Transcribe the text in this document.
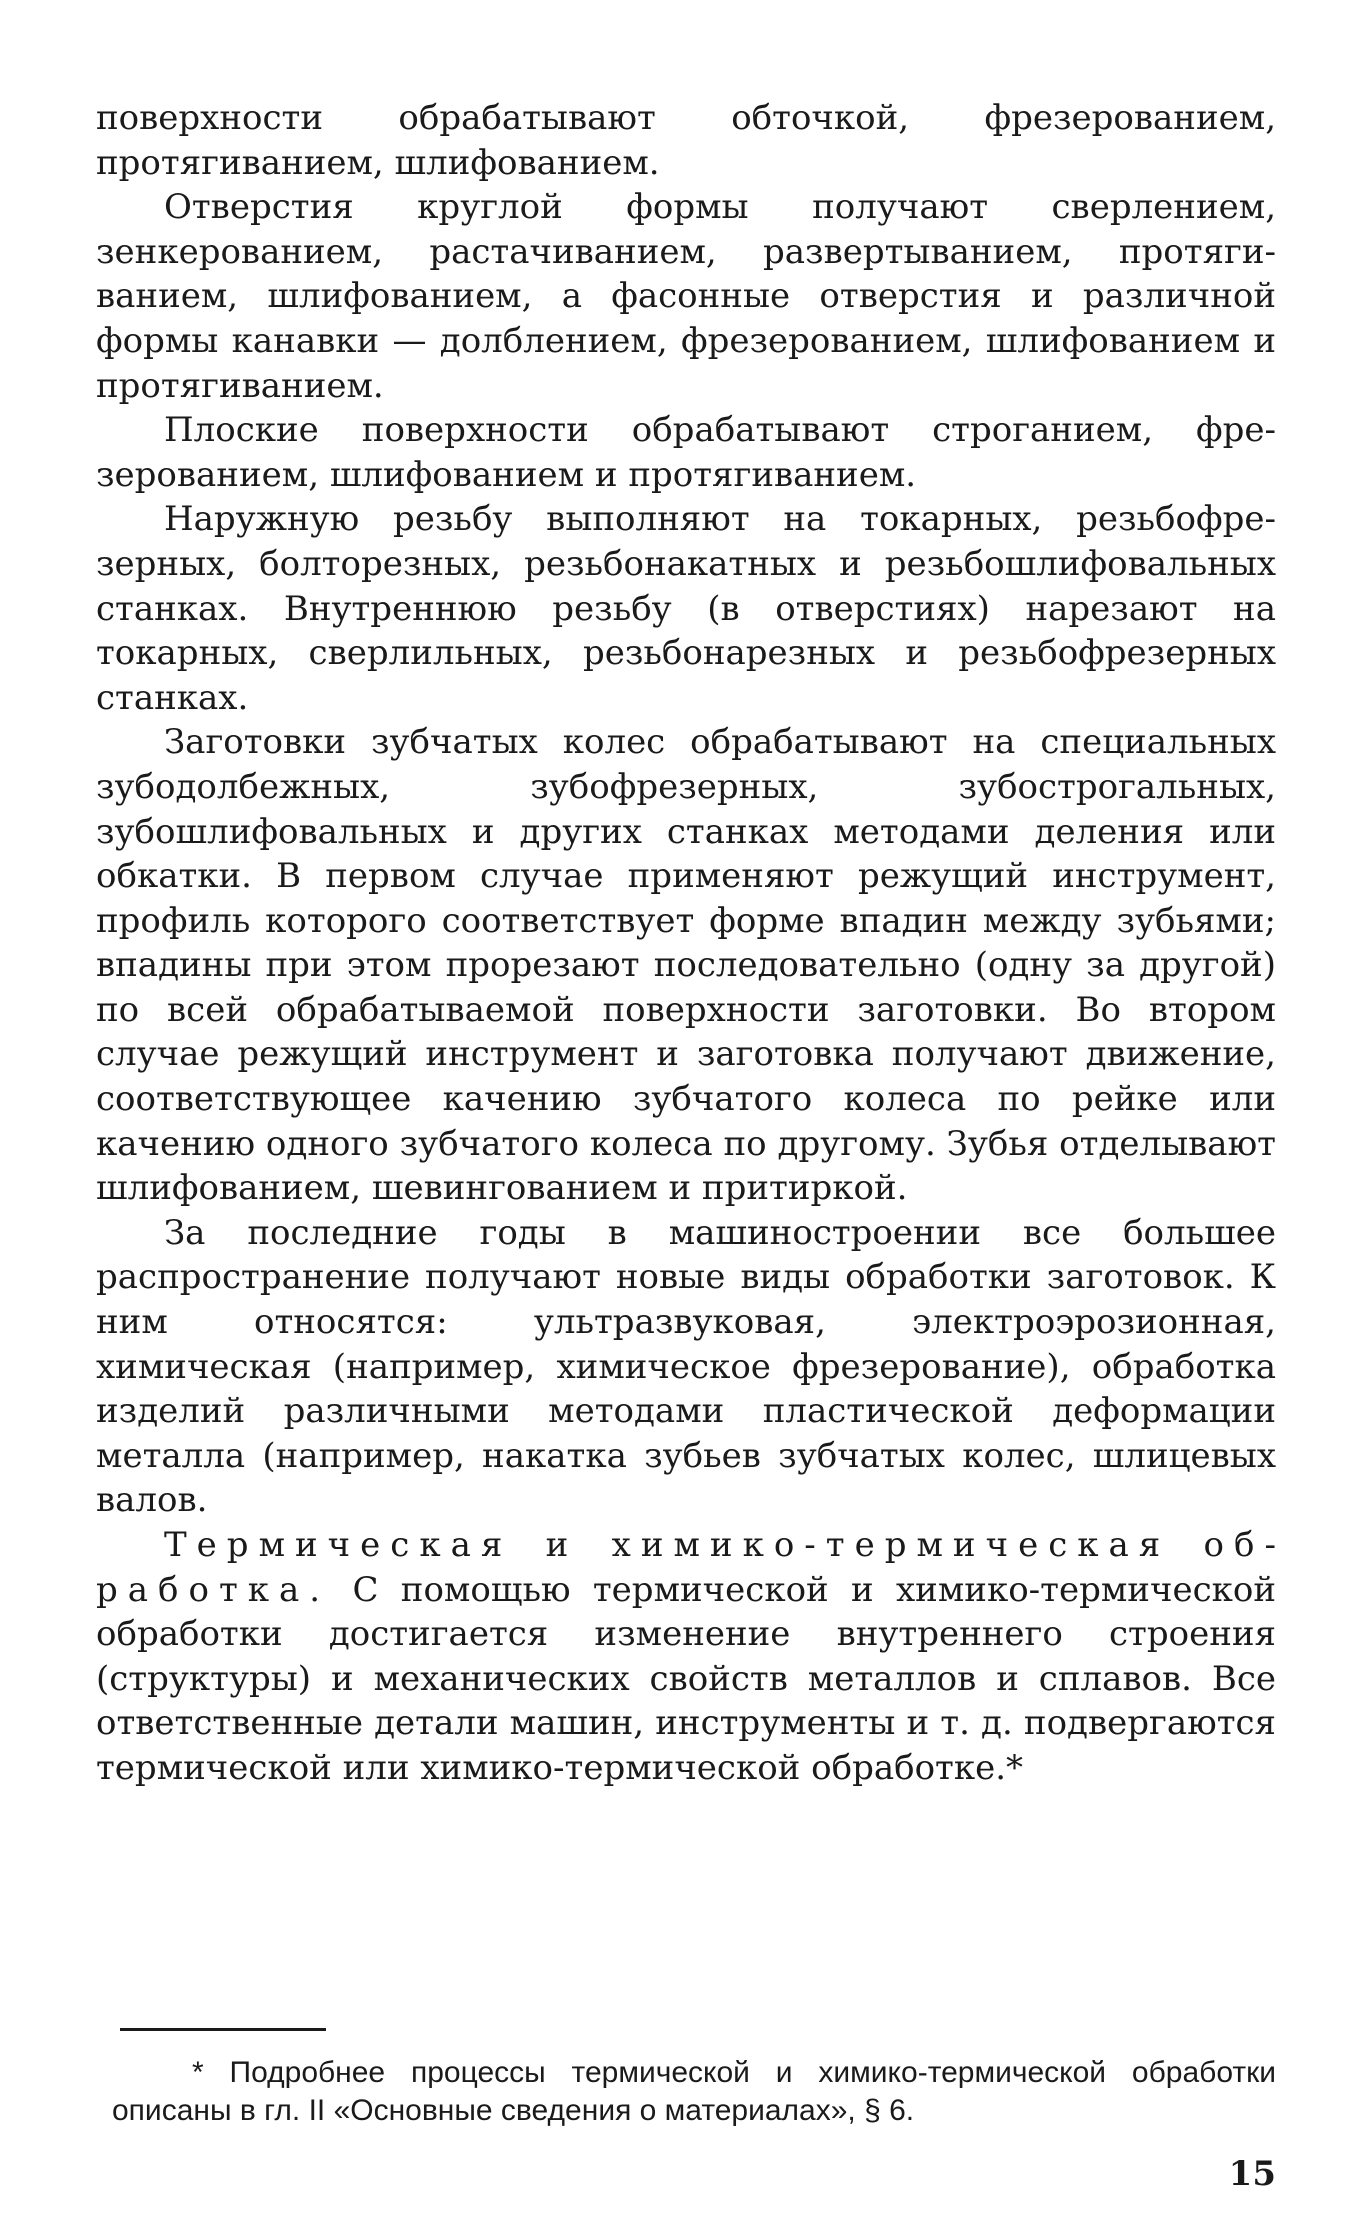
поверхности обрабатывают обточкой, фрезерованием, протягиванием, шлифованием.

Отверстия круглой формы получают сверлением, зенкерованием, растачиванием, развертыванием, протягиванием, шлифованием, а фасонные отверстия и различной формы канавки — долблением, фрезерованием, шлифованием и протягиванием.

Плоские поверхности обрабатывают строганием, фрезерованием, шлифованием и протягиванием.

Наружную резьбу выполняют на токарных, резьбофрезерных, болторезных, резьбонакатных и резьбошлифовальных станках. Внутреннюю резьбу (в отверстиях) нарезают на токарных, сверлильных, резьбонарезных и резьбофрезерных станках.

Заготовки зубчатых колес обрабатывают на специальных зубодолбежных, зубофрезерных, зубострогальных, зубошлифовальных и других станках методами деления или обкатки. В первом случае применяют режущий инструмент, профиль которого соответствует форме впадин между зубьями; впадины при этом прорезают последовательно (одну за другой) по всей обрабатываемой поверхности заготовки. Во втором случае режущий инструмент и заготовка получают движение, соответствующее качению зубчатого колеса по рейке или качению одного зубчатого колеса по другому. Зубья отделывают шлифованием, шевингованием и притиркой.

За последние годы в машиностроении все большее распространение получают новые виды обработки заготовок. К ним относятся: ультразвуковая, электроэрозионная, химическая (например, химическое фрезерование), обработка изделий различными методами пластической деформации металла (например, накатка зубьев зубчатых колес, шлицевых валов.

Термическая и химико-термическая обработка. С помощью термической и химико-термической обработки достигается изменение внутреннего строения (структуры) и механических свойств металлов и сплавов. Все ответственные детали машин, инструменты и т. д. подвергаются термической или химико-термической обработке.*

* Подробнее процессы термической и химико-термической обработки описаны в гл. II «Основные сведения о материалах», § 6.

15
